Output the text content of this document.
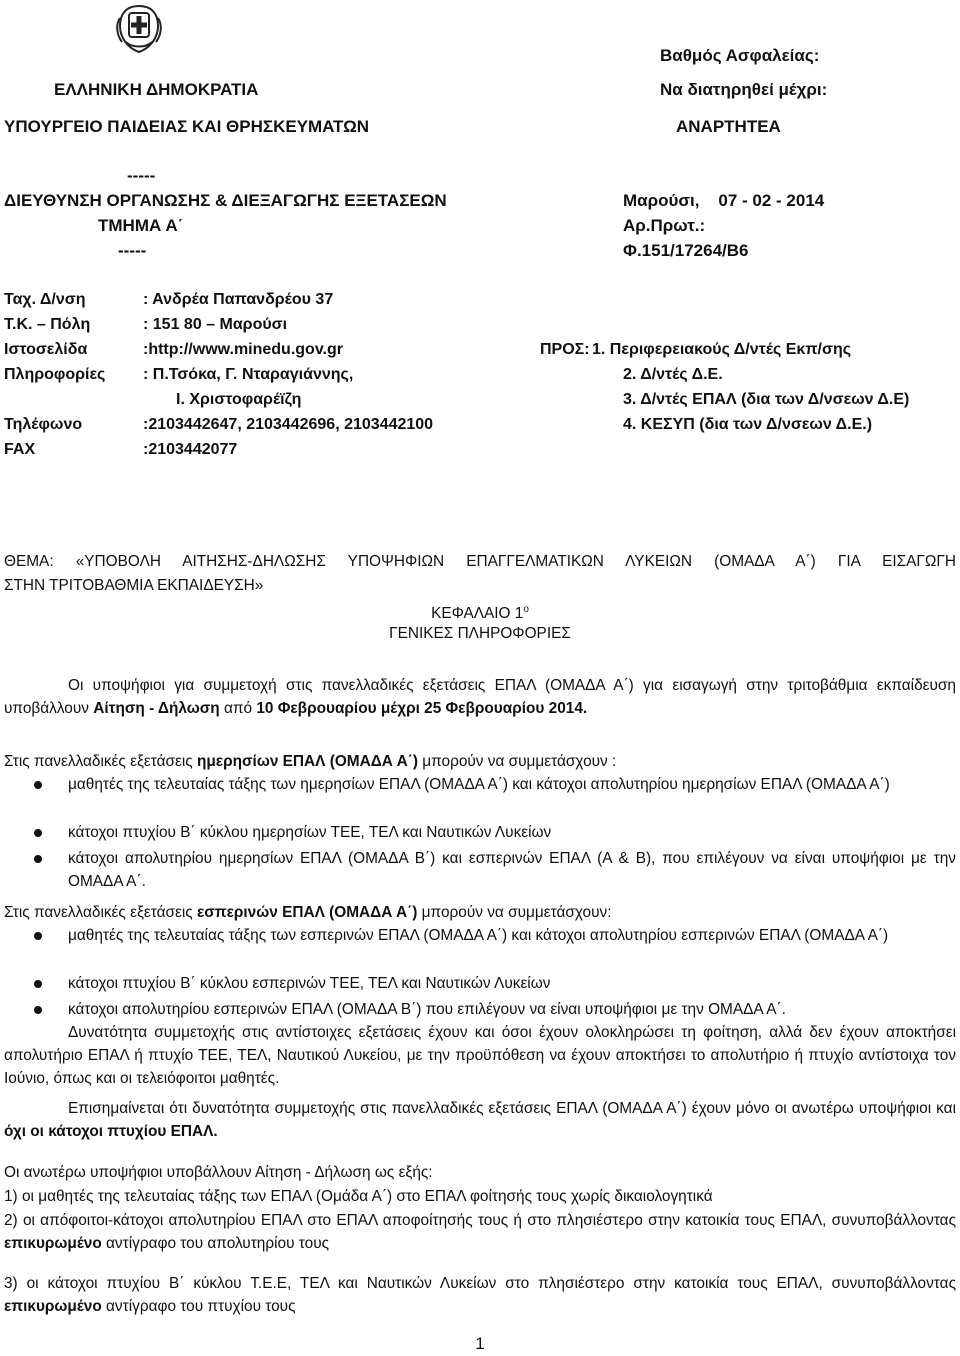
ΕΛΛΗΝΙΚΗ ΔΗΜΟΚΡΑΤΙΑ
ΥΠΟΥΡΓΕΙΟ ΠΑΙΔΕΙΑΣ ΚΑΙ ΘΡΗΣΚΕΥΜΑΤΩΝ
-----
ΔΙΕΥΘΥΝΣΗ ΟΡΓΑΝΩΣΗΣ & ΔΙΕΞΑΓΩΓΗΣ ΕΞΕΤΑΣΕΩΝ
ΤΜΗΜΑ Α΄
-----
Βαθμός Ασφαλείας:
Να διατηρηθεί μέχρι:
ΑΝΑΡΤΗΤΕΑ
Μαρούσι,    07 - 02 - 2014
Αρ.Πρωτ.:
Φ.151/17264/Β6
Ταχ. Δ/νση	: Ανδρέα Παπανδρέου 37
Τ.Κ. – Πόλη	: 151 80 – Μαρούσι
Ιστοσελίδα	:http://www.minedu.gov.gr
Πληροφορίες : Π.Τσόκα, Γ. Νταραγιάννης,
Ι. Χριστοφαρέϊζη
Τηλέφωνο	:2103442647, 2103442696, 2103442100
FAX	:2103442077
ΠΡΟΣ: 1. Περιφερειακούς Δ/ντές Εκπ/σης
2. Δ/ντές Δ.Ε.
3. Δ/ντές ΕΠΑΛ (δια των Δ/νσεων Δ.Ε)
4. ΚΕΣΥΠ (δια των Δ/νσεων Δ.Ε.)
ΘΕΜΑ: «ΥΠΟΒΟΛΗ ΑΙΤΗΣΗΣ-ΔΗΛΩΣΗΣ ΥΠΟΨΗΦΙΩΝ ΕΠΑΓΓΕΛΜΑΤΙΚΩΝ ΛΥΚΕΙΩΝ (ΟΜΑΔΑ Α΄) ΓΙΑ ΕΙΣΑΓΩΓΗ
ΣΤΗΝ ΤΡΙΤΟΒΑΘΜΙΑ ΕΚΠΑΙΔΕΥΣΗ»
ΚΕΦΑΛΑΙΟ $1^o$
ΓΕΝΙΚΕΣ ΠΛΗΡΟΦΟΡΙΕΣ
Οι υποψήφιοι για συμμετοχή στις πανελλαδικές εξετάσεις ΕΠΑΛ (ΟΜΑΔΑ Α΄) για εισαγωγή στην τριτοβάθμια εκπαίδευση υποβάλλουν Αίτηση - Δήλωση από 10 Φεβρουαρίου μέχρι 25 Φεβρουαρίου 2014.
Στις πανελλαδικές εξετάσεις ημερησίων ΕΠΑΛ (ΟΜΑΔΑ Α΄) μπορούν να συμμετάσχουν :
μαθητές της τελευταίας τάξης των ημερησίων ΕΠΑΛ (ΟΜΑΔΑ Α΄) και κάτοχοι απολυτηρίου ημερησίων ΕΠΑΛ (ΟΜΑΔΑ Α΄)
κάτοχοι πτυχίου Β΄ κύκλου ημερησίων ΤΕΕ, ΤΕΛ και Ναυτικών Λυκείων
κάτοχοι απολυτηρίου ημερησίων ΕΠΑΛ (ΟΜΑΔΑ Β΄) και εσπερινών ΕΠΑΛ (Α & Β), που επιλέγουν να είναι υποψήφιοι με την ΟΜΑΔΑ Α΄.
Στις πανελλαδικές εξετάσεις εσπερινών ΕΠΑΛ (ΟΜΑΔΑ Α΄) μπορούν να συμμετάσχουν:
μαθητές της τελευταίας τάξης των εσπερινών ΕΠΑΛ (ΟΜΑΔΑ Α΄) και κάτοχοι απολυτηρίου εσπερινών ΕΠΑΛ (ΟΜΑΔΑ Α΄)
κάτοχοι πτυχίου Β΄ κύκλου εσπερινών ΤΕΕ, ΤΕΛ και Ναυτικών Λυκείων
κάτοχοι απολυτηρίου εσπερινών ΕΠΑΛ (ΟΜΑΔΑ Β΄) που επιλέγουν να είναι υποψήφιοι με την ΟΜΑΔΑ Α΄.
Δυνατότητα συμμετοχής στις αντίστοιχες εξετάσεις έχουν και όσοι έχουν ολοκληρώσει τη φοίτηση, αλλά δεν έχουν αποκτήσει απολυτήριο ΕΠΑΛ ή πτυχίο ΤΕΕ, ΤΕΛ, Ναυτικού Λυκείου, με την προϋπόθεση να έχουν αποκτήσει το απολυτήριο ή πτυχίο αντίστοιχα τον Ιούνιο, όπως και οι τελειόφοιτοι μαθητές.
Επισημαίνεται ότι δυνατότητα συμμετοχής στις πανελλαδικές εξετάσεις ΕΠΑΛ (ΟΜΑΔΑ Α΄) έχουν μόνο οι ανωτέρω υποψήφιοι και όχι οι κάτοχοι πτυχίου ΕΠΑΛ.
Οι ανωτέρω υποψήφιοι υποβάλλουν Αίτηση - Δήλωση ως εξής:
1) οι μαθητές της τελευταίας τάξης των ΕΠΑΛ (Ομάδα Α΄) στο ΕΠΑΛ φοίτησής τους χωρίς δικαιολογητικά
2) οι απόφοιτοι-κάτοχοι απολυτηρίου ΕΠΑΛ στο ΕΠΑΛ αποφοίτησής τους ή στο πλησιέστερο στην κατοικία τους ΕΠΑΛ, συνυποβάλλοντας επικυρωμένο αντίγραφο του απολυτηρίου τους
3) οι κάτοχοι πτυχίου Β΄ κύκλου Τ.Ε.Ε, ΤΕΛ και Ναυτικών Λυκείων στο πλησιέστερο στην κατοικία τους ΕΠΑΛ, συνυποβάλλοντας επικυρωμένο αντίγραφο του πτυχίου τους
1
